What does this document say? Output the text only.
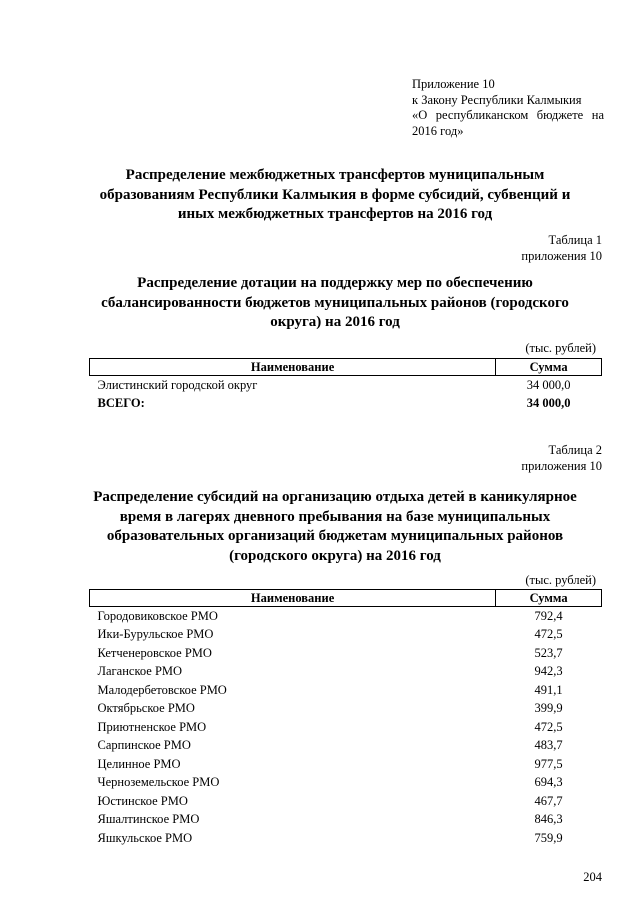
Приложение 10
к Закону Республики Калмыкия
«О республиканском бюджете на
2016 год»
Распределение межбюджетных трансфертов муниципальным
образованиям Республики Калмыкия в форме субсидий, субвенций и
иных межбюджетных трансфертов на 2016 год
Таблица 1
приложения 10
Распределение дотации на поддержку мер по обеспечению
сбалансированности бюджетов муниципальных районов (городского
округа) на 2016 год
(тыс. рублей)
Наименование	Сумма
Элистинский городской округ	34 000,0
ВСЕГО:	34 000,0
Таблица 2
приложения 10
Распределение субсидий на организацию отдыха детей в каникулярное
время в лагерях дневного пребывания на базе муниципальных
образовательных организаций бюджетам муниципальных районов
(городского округа) на 2016 год
(тыс. рублей)
Наименование	Сумма
Городовиковское РМО	792,4
Ики-Бурульское РМО	472,5
Кетченеровское РМО	523,7
Лаганское РМО	942,3
Малодербетовское РМО	491,1
Октябрьское РМО	399,9
Приютненское РМО	472,5
Сарпинское РМО	483,7
Целинное РМО	977,5
Черноземельское РМО	694,3
Юстинское РМО	467,7
Яшалтинское РМО	846,3
Яшкульское РМО	759,9
204
